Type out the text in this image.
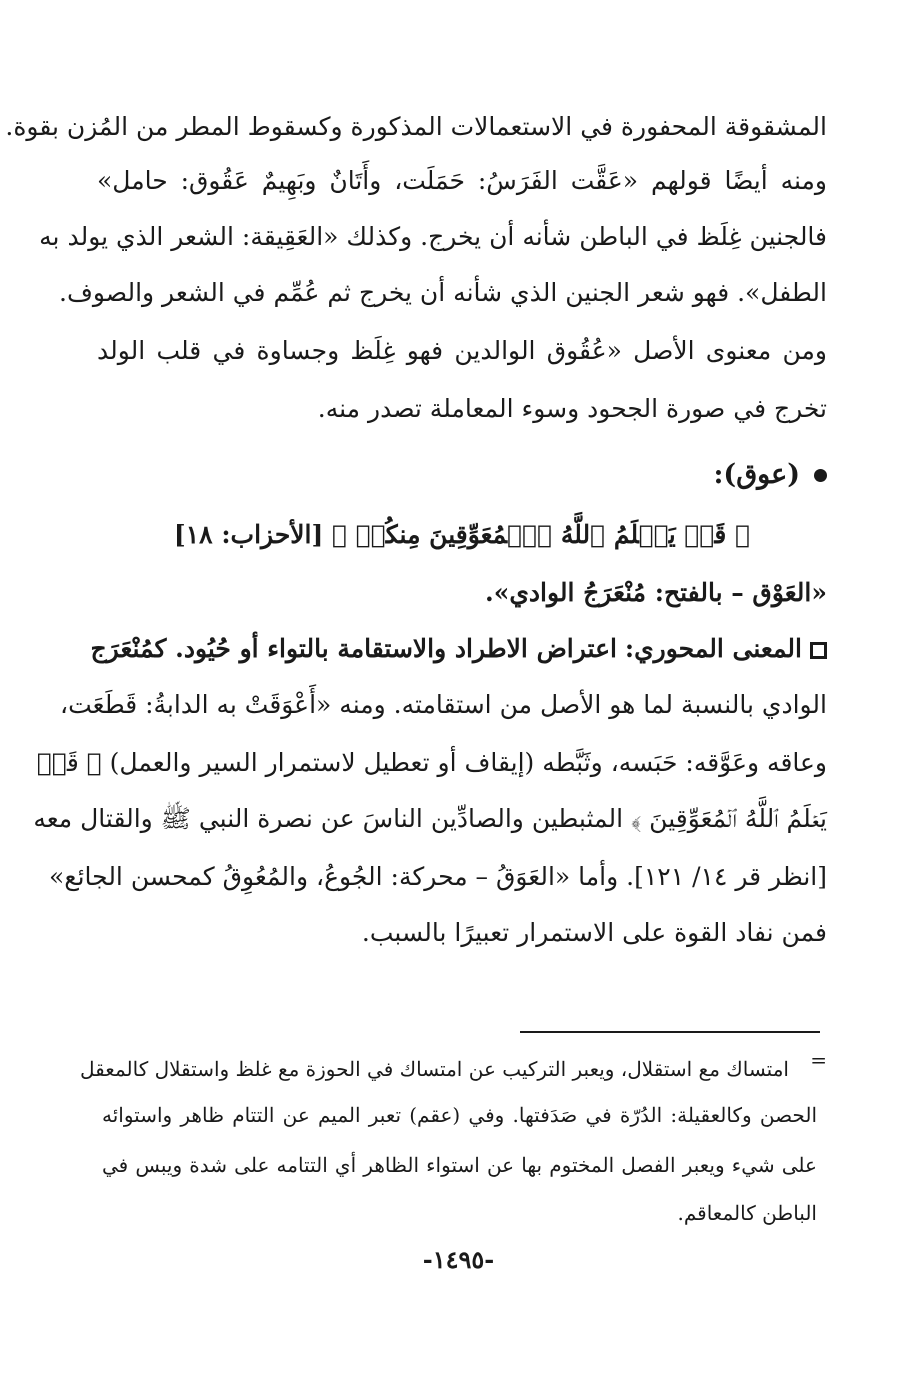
المشقوقة المحفورة في الاستعمالات المذكورة وكسقوط المطر من المُزن بقوة.
ومنه أيضًا قولهم «عَقَّت الفَرَسُ: حَمَلَت، وأَتَانٌ وبَهِيمٌ عَقُوق: حامل»
فالجنين غِلَظ في الباطن شأنه أن يخرج. وكذلك «العَقِيقة: الشعر الذي يولد به
الطفل». فهو شعر الجنين الذي شأنه أن يخرج ثم عُمِّم في الشعر والصوف.
ومن معنوى الأصل «عُقُوق الوالدين فهو غِلَظ وجساوة في قلب الولد
تخرج في صورة الجحود وسوء المعاملة تصدر منه.
(عوق):
﴿ قَدۡ يَعۡلَمُ ٱللَّهُ ٱلۡمُعَوِّقِينَ مِنكُمۡ ﴾ [الأحزاب: ١٨]
«العَوْق – بالفتح: مُنْعَرَجُ الوادي».
المعنى المحوري: اعتراض الاطراد والاستقامة بالتواء أو حُيُود. كمُنْعَرَج
الوادي بالنسبة لما هو الأصل من استقامته. ومنه «أَعْوَقَتْ به الدابةُ: قَطَعَت،
وعاقه وعَوَّقه: حَبَسه، وثَبَّطه (إيقاف أو تعطيل لاستمرار السير والعمل) ﴿ قَدۡ
يَعۡلَمُ ٱللَّهُ ٱلۡمُعَوِّقِينَ ﴾ المثبطين والصادِّين الناسَ عن نصرة النبي ﷺ والقتال معه
[انظر قر ١٤/ ١٢١]. وأما «العَوَقُ – محركة: الجُوعُ، والمُعُوِقُ كمحسن الجائع»
فمن نفاد القوة على الاستمرار تعبيرًا بالسبب.
=
امتساك مع استقلال، ويعبر التركيب عن امتساك في الحوزة مع غلظ واستقلال كالمعقل
الحصن وكالعقيلة: الدُرّة في صَدَفتها. وفي (عقم) تعبر الميم عن التتام ظاهر واستوائه
على شيء ويعبر الفصل المختوم بها عن استواء الظاهر أي التتامه على شدة ويبس في
الباطن كالمعاقم.
-١٤٩٥-
